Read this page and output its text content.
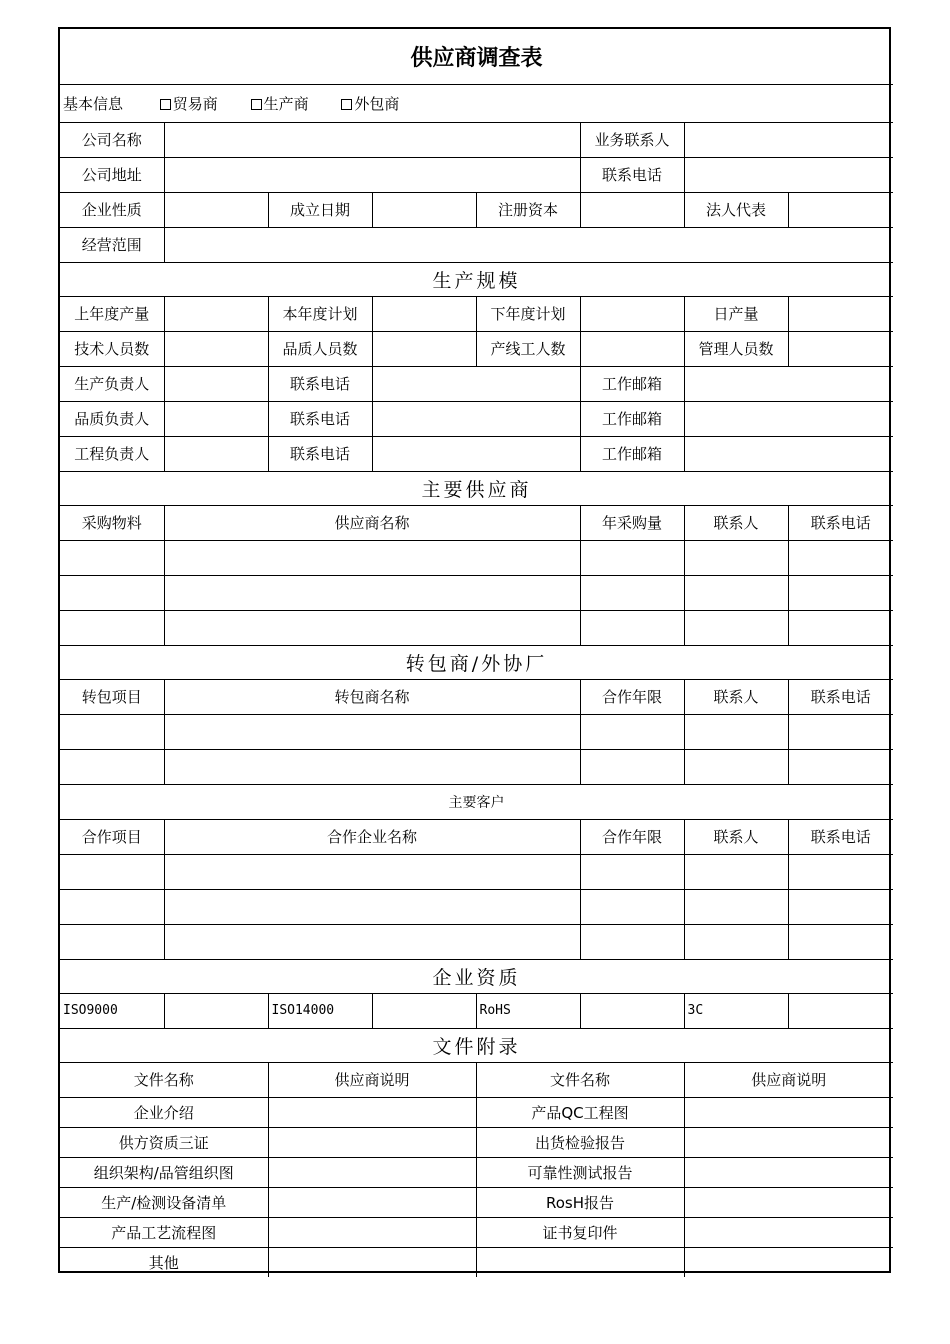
供应商调查表							
基本信息 贸易商 生产商 外包商							
公司名称					业务联系人		
公司地址					联系电话		
企业性质		成立日期		注册资本		法人代表	
经营范围							
生产规模							
上年度产量		本年度计划		下年度计划		日产量	
技术人员数		品质人员数		产线工人数		管理人员数	
生产负责人		联系电话			工作邮箱		
品质负责人		联系电话			工作邮箱		
工程负责人		联系电话			工作邮箱		
主要供应商							
采购物料	供应商名称				年采购量	联系人	联系电话

转包商/外协厂							
转包项目	转包商名称				合作年限	联系人	联系电话

主要客户							
合作项目	合作企业名称				合作年限	联系人	联系电话

企业资质							
ISO9000		ISO14000		RoHS		3C	
文件附录							
文件名称		供应商说明		文件名称		供应商说明	
企业介绍				产品QC工程图			
供方资质三证				出货检验报告			
组织架构/品管组织图				可靠性测试报告			
生产/检测设备清单				RosH报告			
产品工艺流程图				证书复印件			
其他							
